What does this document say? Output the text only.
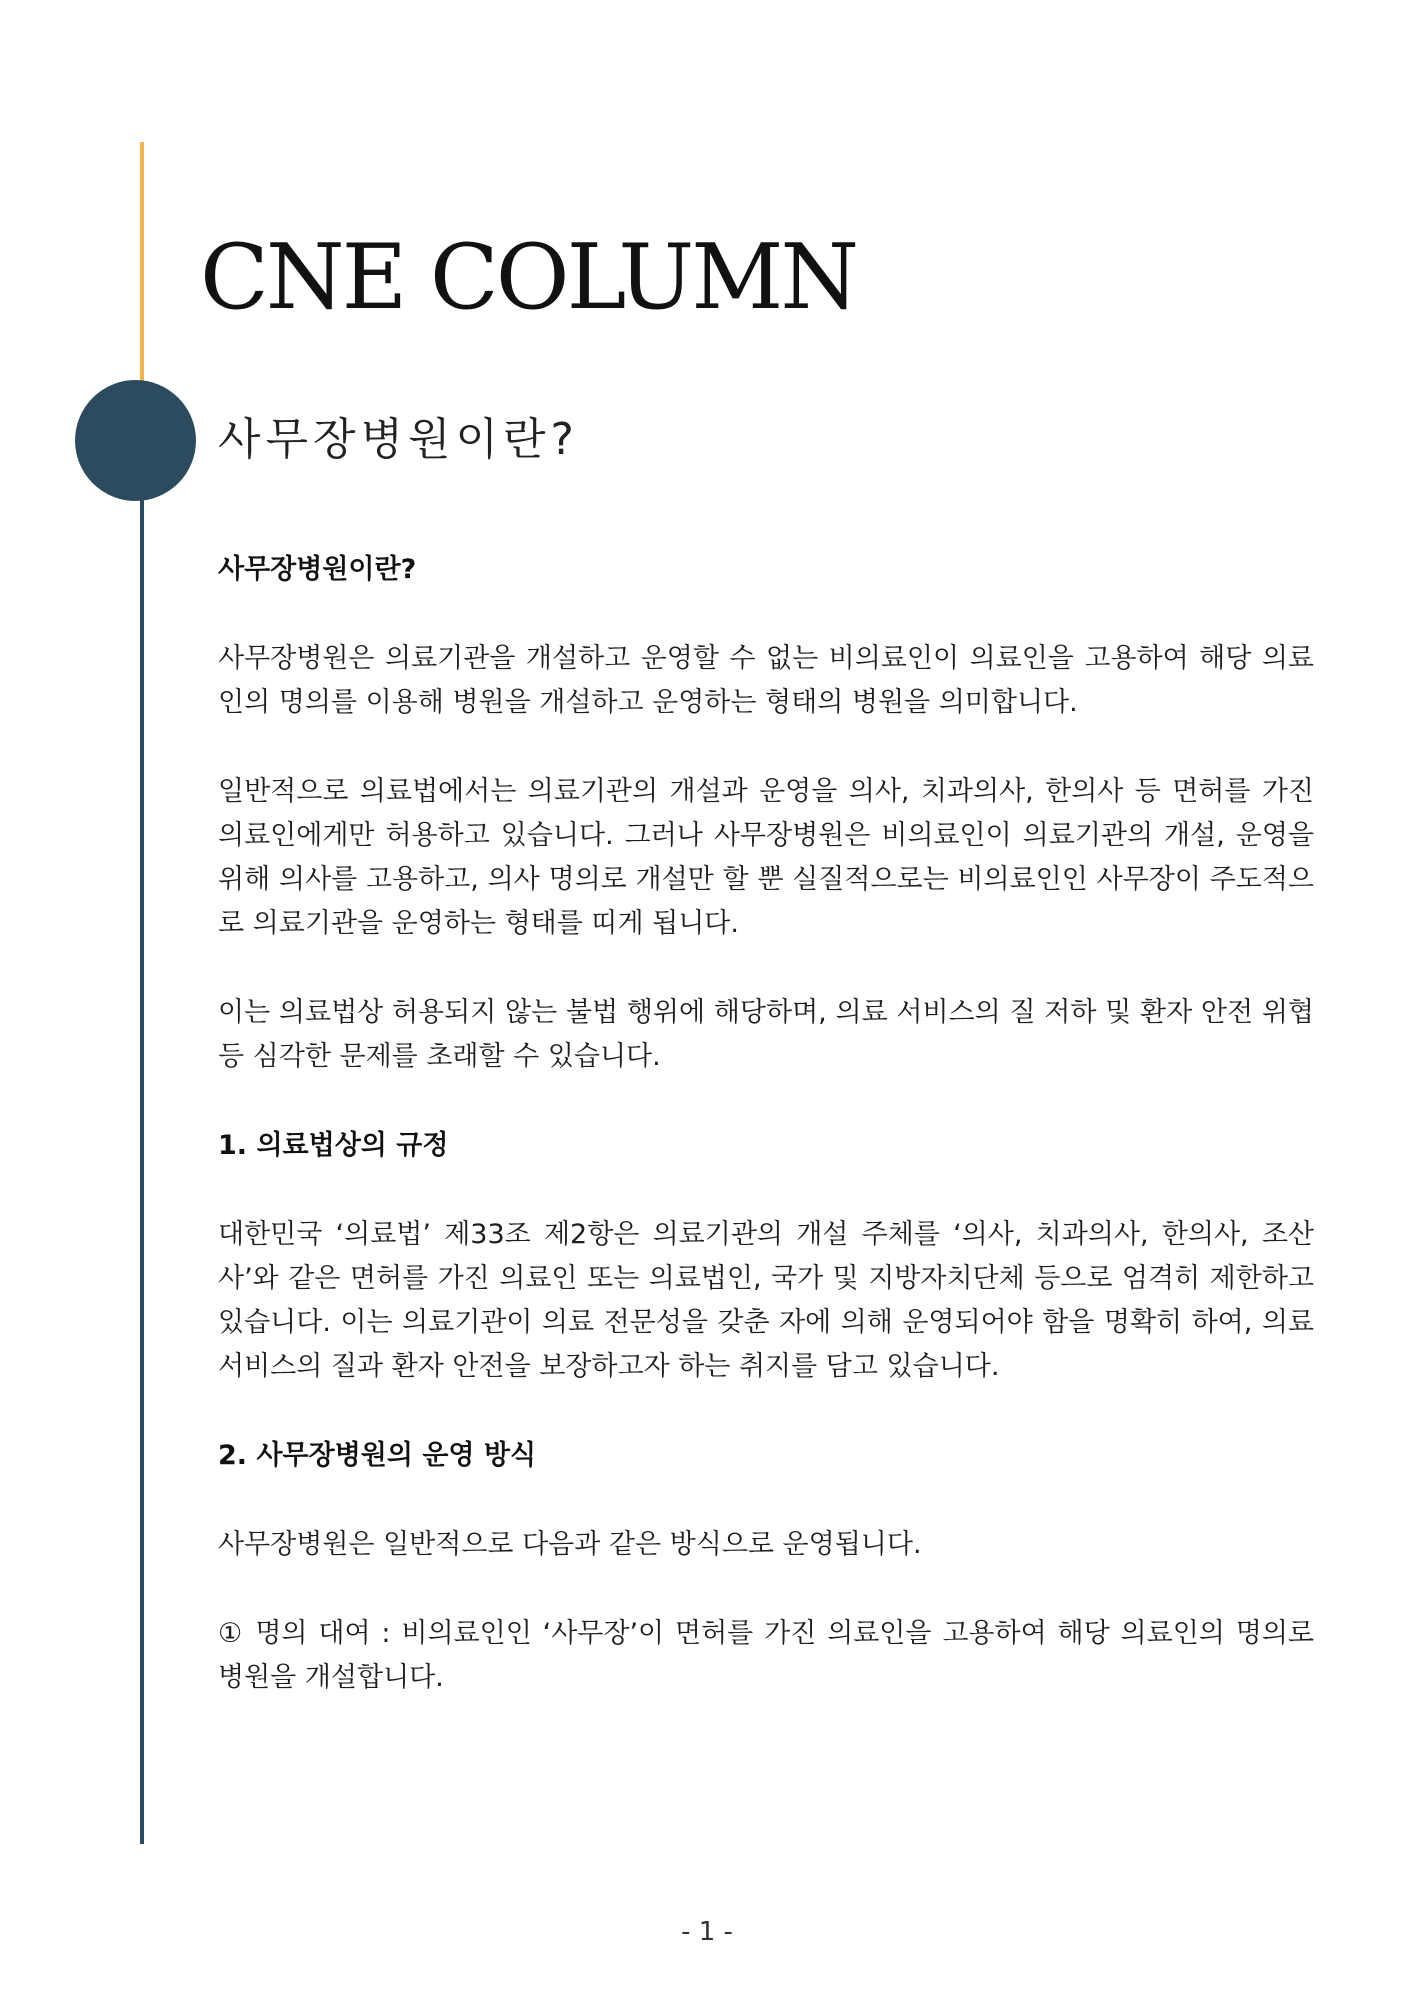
CNE COLUMN
사무장병원이란?
사무장병원이란?

사무장병원은 의료기관을 개설하고 운영할 수 없는 비의료인이 의료인을 고용하여 해당 의료인의 명의를 이용해 병원을 개설하고 운영하는 형태의 병원을 의미합니다.

일반적으로 의료법에서는 의료기관의 개설과 운영을 의사, 치과의사, 한의사 등 면허를 가진 의료인에게만 허용하고 있습니다. 그러나 사무장병원은 비의료인이 의료기관의 개설, 운영을 위해 의사를 고용하고, 의사 명의로 개설만 할 뿐 실질적으로는 비의료인인 사무장이 주도적으로 의료기관을 운영하는 형태를 띠게 됩니다.

이는 의료법상 허용되지 않는 불법 행위에 해당하며, 의료 서비스의 질 저하 및 환자 안전 위협 등 심각한 문제를 초래할 수 있습니다.

1. 의료법상의 규정

대한민국 ‘의료법’ 제33조 제2항은 의료기관의 개설 주체를 ‘의사, 치과의사, 한의사, 조산사’와 같은 면허를 가진 의료인 또는 의료법인, 국가 및 지방자치단체 등으로 엄격히 제한하고 있습니다. 이는 의료기관이 의료 전문성을 갖춘 자에 의해 운영되어야 함을 명확히 하여, 의료 서비스의 질과 환자 안전을 보장하고자 하는 취지를 담고 있습니다.

2. 사무장병원의 운영 방식

사무장병원은 일반적으로 다음과 같은 방식으로 운영됩니다.

① 명의 대여 : 비의료인인 ‘사무장’이 면허를 가진 의료인을 고용하여 해당 의료인의 명의로 병원을 개설합니다.

- 1 -
